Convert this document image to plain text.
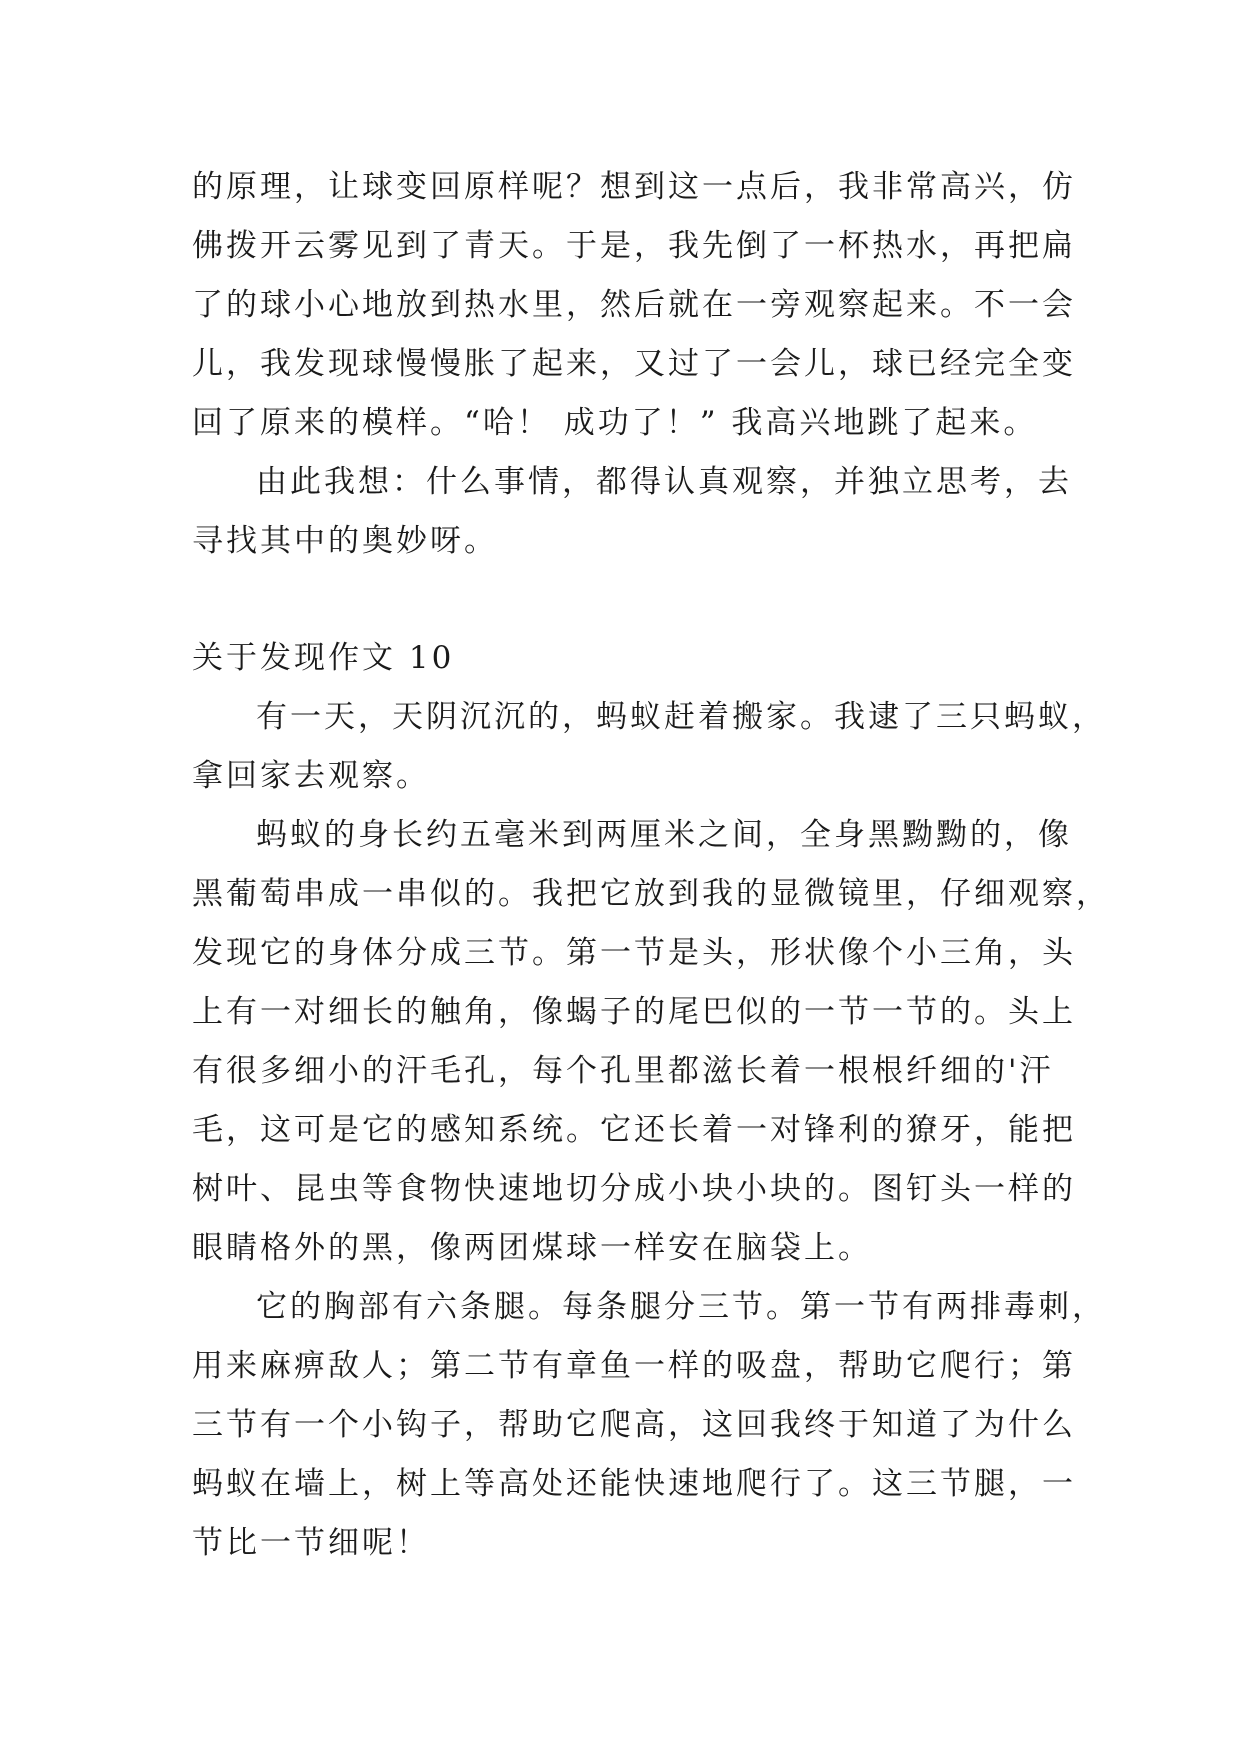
的原理，让球变回原样呢？想到这一点后，我非常高兴，仿
佛拨开云雾见到了青天。于是，我先倒了一杯热水，再把扁
了的球小心地放到热水里，然后就在一旁观察起来。不一会
儿，我发现球慢慢胀了起来，又过了一会儿，球已经完全变
回了原来的模样。“哈！ 成功了！” 我高兴地跳了起来。
由此我想：什么事情，都得认真观察，并独立思考，去
寻找其中的奥妙呀。
关于发现作文 10
有一天，天阴沉沉的，蚂蚁赶着搬家。我逮了三只蚂蚁，
拿回家去观察。
蚂蚁的身长约五毫米到两厘米之间，全身黑黝黝的，像
黑葡萄串成一串似的。我把它放到我的显微镜里，仔细观察，
发现它的身体分成三节。第一节是头，形状像个小三角，头
上有一对细长的触角，像蝎子的尾巴似的一节一节的。头上
有很多细小的汗毛孔，每个孔里都滋长着一根根纤细的'汗
毛，这可是它的感知系统。它还长着一对锋利的獠牙，能把
树叶、昆虫等食物快速地切分成小块小块的。图钉头一样的
眼睛格外的黑，像两团煤球一样安在脑袋上。
它的胸部有六条腿。每条腿分三节。第一节有两排毒刺，
用来麻痹敌人；第二节有章鱼一样的吸盘，帮助它爬行；第
三节有一个小钩子，帮助它爬高，这回我终于知道了为什么
蚂蚁在墙上，树上等高处还能快速地爬行了。这三节腿，一
节比一节细呢！
